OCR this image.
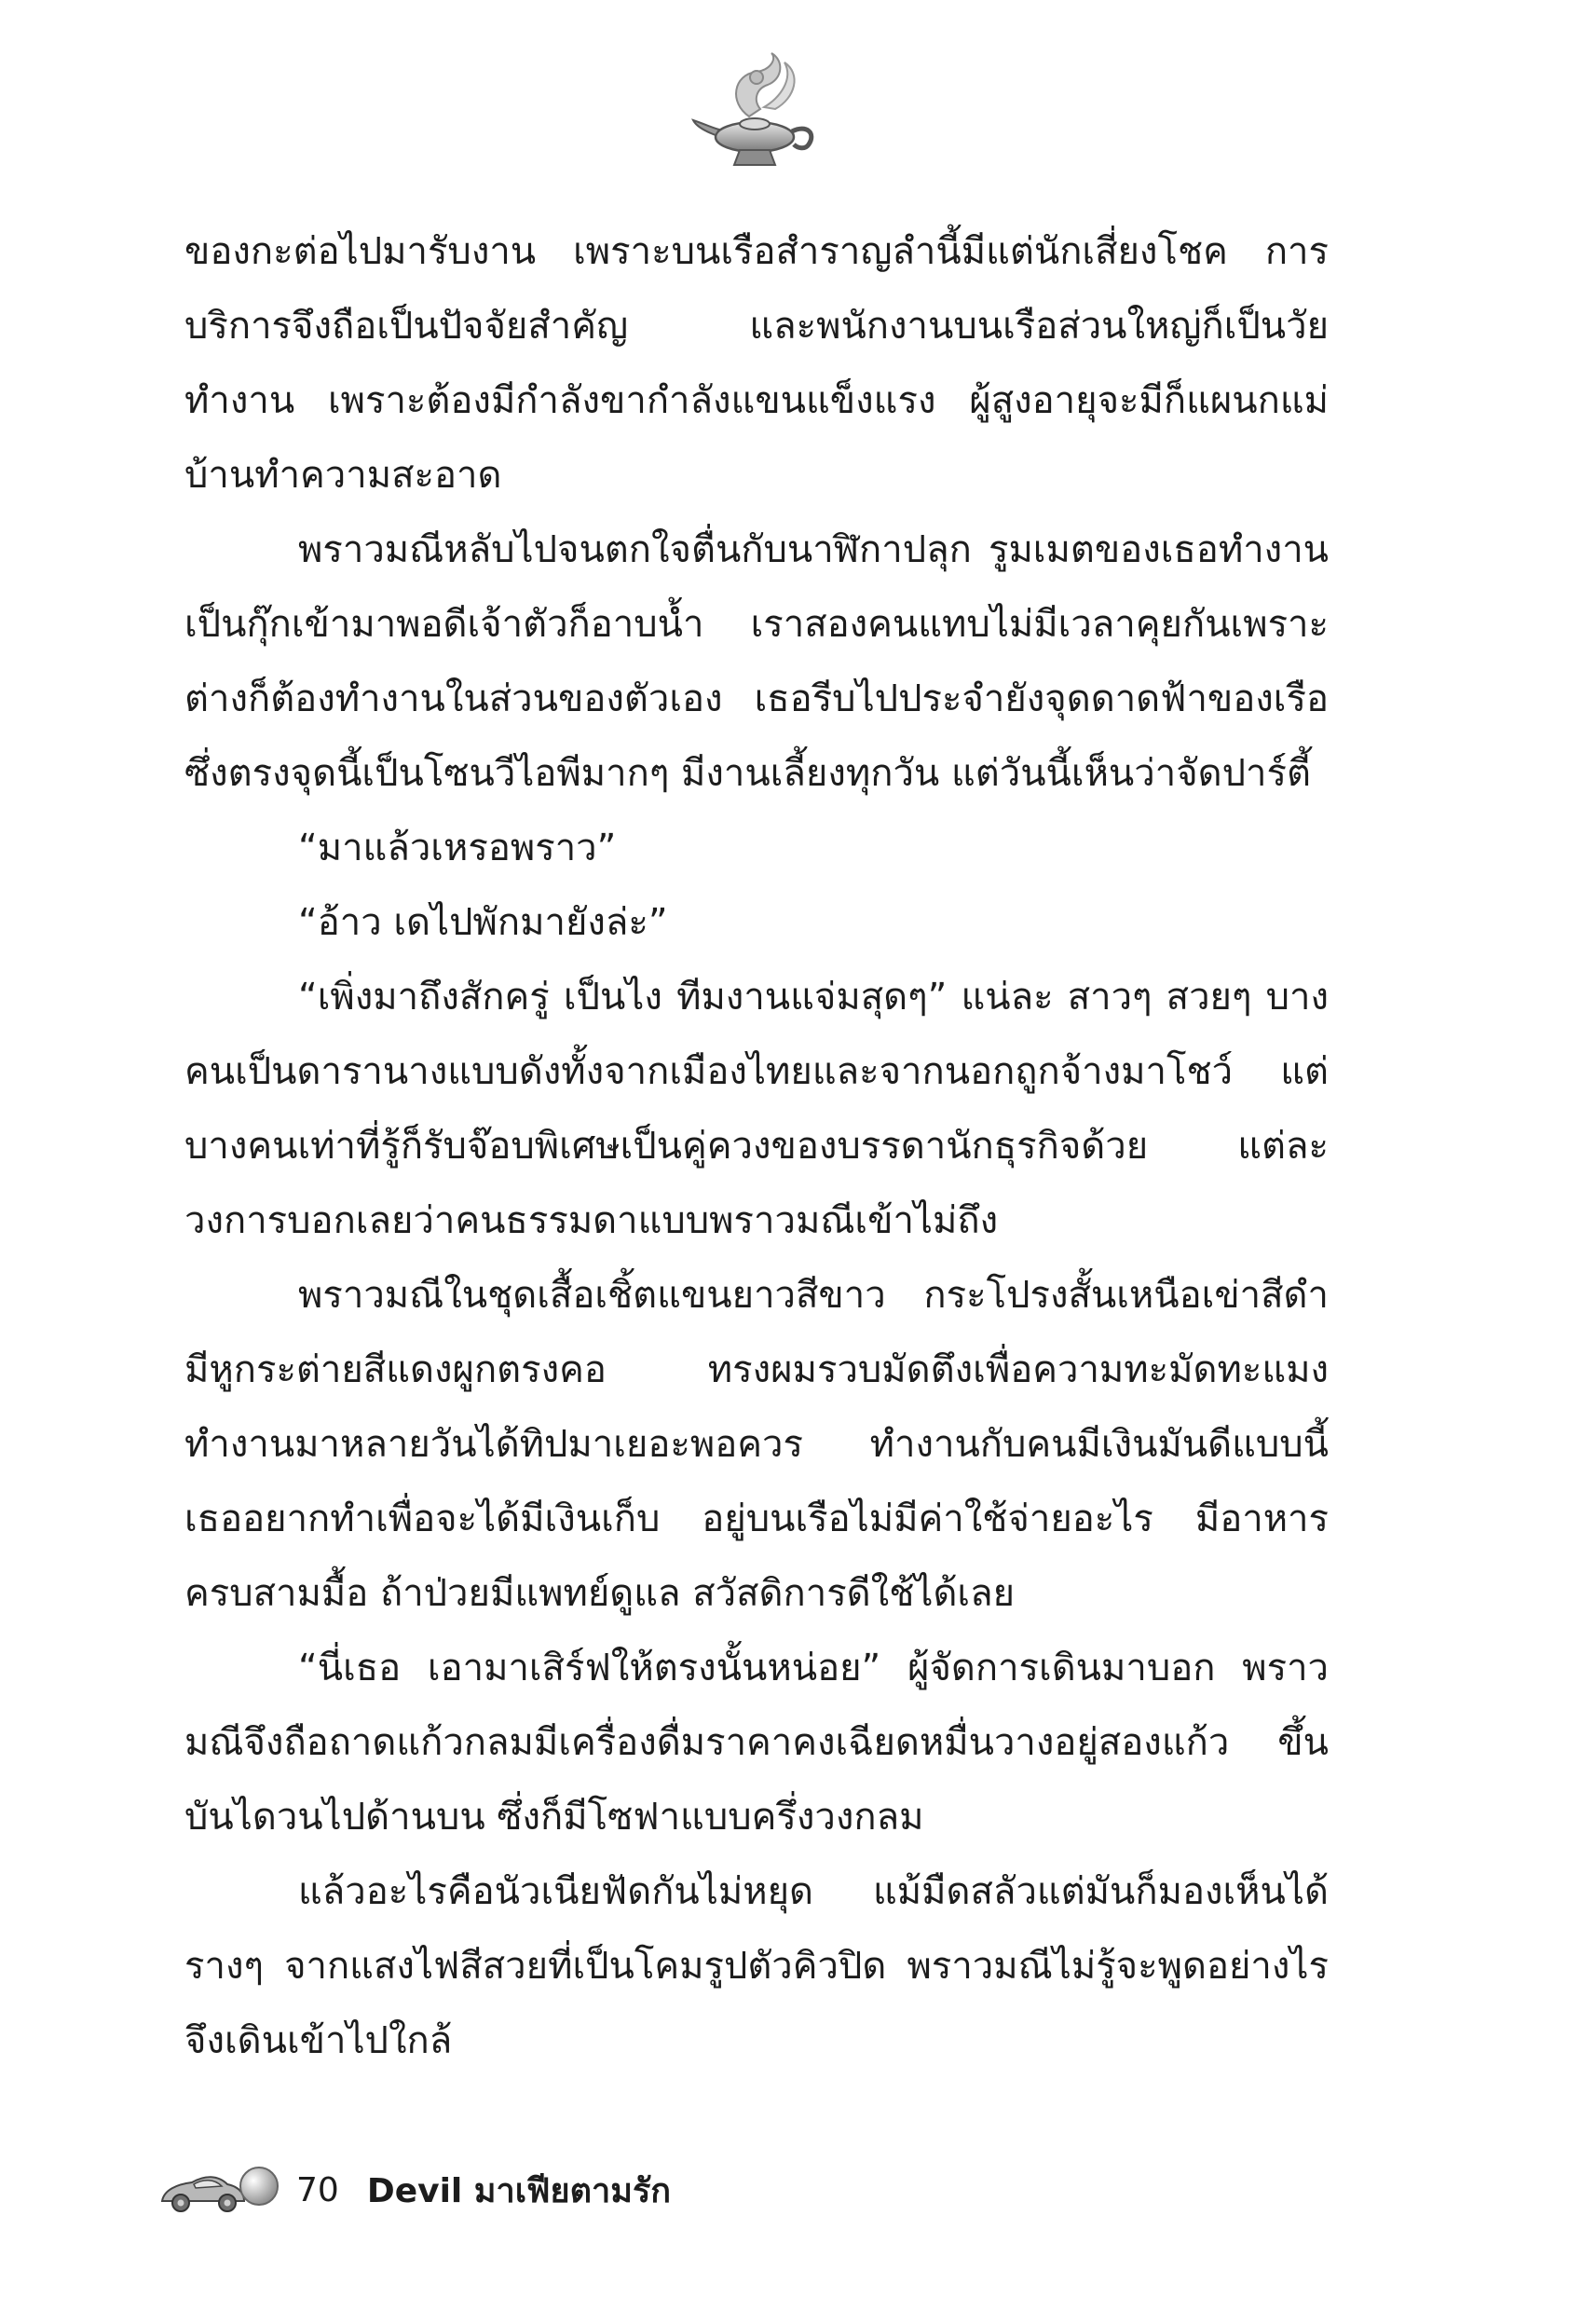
ของกะต่อไปมารับงาน เพราะบนเรือสำราญลำนี้มีแต่นักเสี่ยงโชค การบริการจึงถือเป็นปัจจัยสำคัญ และพนักงานบนเรือส่วนใหญ่ก็เป็นวัยทำงาน เพราะต้องมีกำลังขากำลังแขนแข็งแรง ผู้สูงอายุจะมีก็แผนกแม่บ้านทำความสะอาด

พราวมณีหลับไปจนตกใจตื่นกับนาฬิกาปลุก รูมเมตของเธอทำงานเป็นกุ๊กเข้ามาพอดีเจ้าตัวก็อาบน้ำ เราสองคนแทบไม่มีเวลาคุยกันเพราะต่างก็ต้องทำงานในส่วนของตัวเอง เธอรีบไปประจำยังจุดดาดฟ้าของเรือ ซึ่งตรงจุดนี้เป็นโซนวีไอพีมากๆ มีงานเลี้ยงทุกวัน แต่วันนี้เห็นว่าจัดปาร์ตี้

“มาแล้วเหรอพราว”

“อ้าว เดไปพักมายังล่ะ”

“เพิ่งมาถึงสักครู่ เป็นไง ทีมงานแจ่มสุดๆ” แน่ละ สาวๆ สวยๆ บางคนเป็นดารานางแบบดังทั้งจากเมืองไทยและจากนอกถูกจ้างมาโชว์ แต่บางคนเท่าที่รู้ก็รับจ๊อบพิเศษเป็นคู่ควงของบรรดานักธุรกิจด้วย แต่ละวงการบอกเลยว่าคนธรรมดาแบบพราวมณีเข้าไม่ถึง

พราวมณีในชุดเสื้อเชิ้ตแขนยาวสีขาว กระโปรงสั้นเหนือเข่าสีดำ มีหูกระต่ายสีแดงผูกตรงคอ ทรงผมรวบมัดตึงเพื่อความทะมัดทะแมง ทำงานมาหลายวันได้ทิปมาเยอะพอควร ทำงานกับคนมีเงินมันดีแบบนี้ เธออยากทำเพื่อจะได้มีเงินเก็บ อยู่บนเรือไม่มีค่าใช้จ่ายอะไร มีอาหารครบสามมื้อ ถ้าป่วยมีแพทย์ดูแล สวัสดิการดีใช้ได้เลย

“นี่เธอ เอามาเสิร์ฟให้ตรงนั้นหน่อย” ผู้จัดการเดินมาบอก พราวมณีจึงถือถาดแก้วกลมมีเครื่องดื่มราคาคงเฉียดหมื่นวางอยู่สองแก้ว ขึ้นบันไดวนไปด้านบน ซึ่งก็มีโซฟาแบบครึ่งวงกลม

แล้วอะไรคือนัวเนียฟัดกันไม่หยุด แม้มืดสลัวแต่มันก็มองเห็นได้รางๆ จากแสงไฟสีสวยที่เป็นโคมรูปตัวคิวปิด พราวมณีไม่รู้จะพูดอย่างไรจึงเดินเข้าไปใกล้

70 Devil มาเฟียตามรัก
